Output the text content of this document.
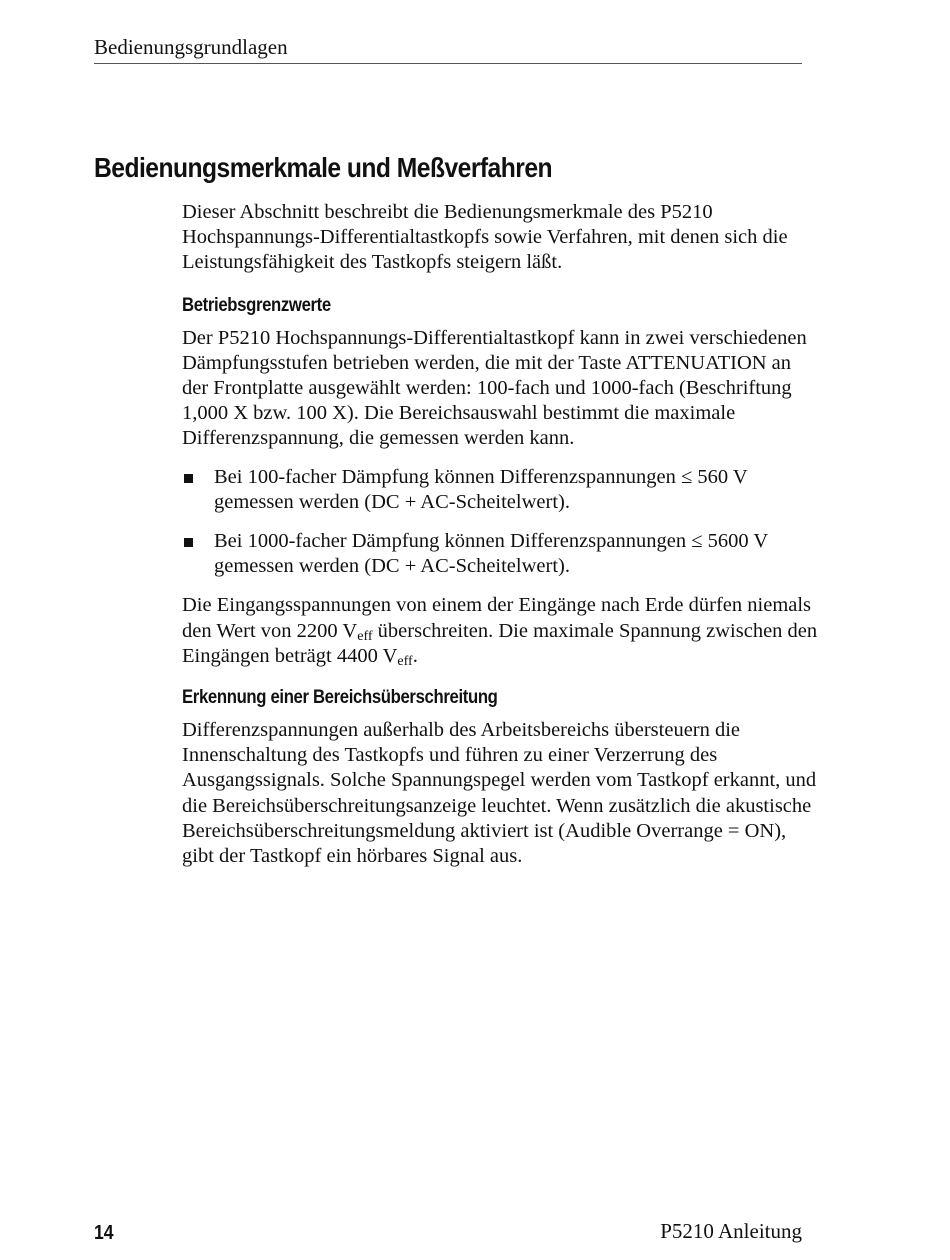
Bedienungsgrundlagen
Bedienungsmerkmale und Meßverfahren

Dieser Abschnitt beschreibt die Bedienungsmerkmale des P5210 Hochspannungs-Differentialtastkopfs sowie Verfahren, mit denen sich die Leistungsfähigkeit des Tastkopfs steigern läßt.

Betriebsgrenzwerte

Der P5210 Hochspannungs-Differentialtastkopf kann in zwei verschiedenen Dämpfungsstufen betrieben werden, die mit der Taste ATTENUATION an der Frontplatte ausgewählt werden: 100-fach und 1000-fach (Beschriftung 1,000 X bzw. 100 X). Die Bereichsauswahl bestimmt die maximale Differenzspannung, die gemessen werden kann.

Bei 100-facher Dämpfung können Differenzspannungen ≤ 560 V gemessen werden (DC + AC-Scheitelwert).
Bei 1000-facher Dämpfung können Differenzspannungen ≤ 5600 V gemessen werden (DC + AC-Scheitelwert).

Die Eingangsspannungen von einem der Eingänge nach Erde dürfen niemals den Wert von 2200 $V_{eff}$ überschreiten. Die maximale Spannung zwischen den Eingängen beträgt 4400 $V_{eff}$.

Erkennung einer Bereichsüberschreitung

Differenzspannungen außerhalb des Arbeitsbereichs übersteuern die Innenschaltung des Tastkopfs und führen zu einer Verzerrung des Ausgangssignals. Solche Spannungspegel werden vom Tastkopf erkannt, und die Bereichsüberschreitungsanzeige leuchtet. Wenn zusätzlich die akustische Bereichsüberschreitungsmeldung aktiviert ist (Audible Overrange = ON), gibt der Tastkopf ein hörbares Signal aus.

14	P5210 Anleitung
